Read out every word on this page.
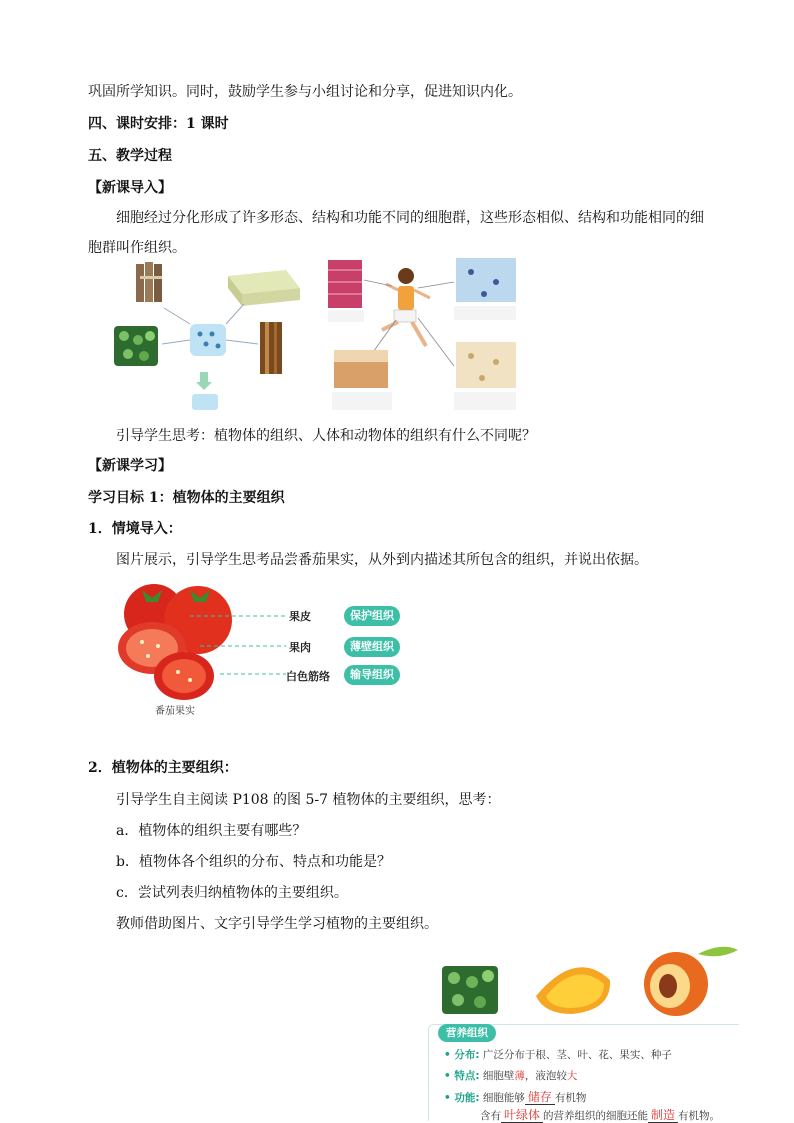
巩固所学知识。同时，鼓励学生参与小组讨论和分享，促进知识内化。
四、课时安排：1 课时
五、教学过程
【新课导入】
细胞经过分化形成了许多形态、结构和功能不同的细胞群，这些形态相似、结构和功能相同的细
胞群叫作组织。
引导学生思考：植物体的组织、人体和动物体的组织有什么不同呢？
【新课学习】
学习目标 1：植物体的主要组织
1．情境导入：
图片展示，引导学生思考品尝番茄果实，从外到内描述其所包含的组织，并说出依据。
番茄果实
果皮	保护组织
果肉	薄壁组织
白色筋络	输导组织
2．植物体的主要组织：
引导学生自主阅读 P108 的图 5-7 植物体的主要组织，思考：
a．植物体的组织主要有哪些？
b．植物体各个组织的分布、特点和功能是？
c．尝试列表归纳植物体的主要组织。
教师借助图片、文字引导学生学习植物的主要组织。
营养组织
• 分布: 广泛分布于根、茎、叶、花、果实、种子
• 特点: 细胞壁薄，液泡较大
• 功能: 细胞能够 储存 有机物
含有 叶绿体 的营养组织的细胞还能 制造 有机物。
